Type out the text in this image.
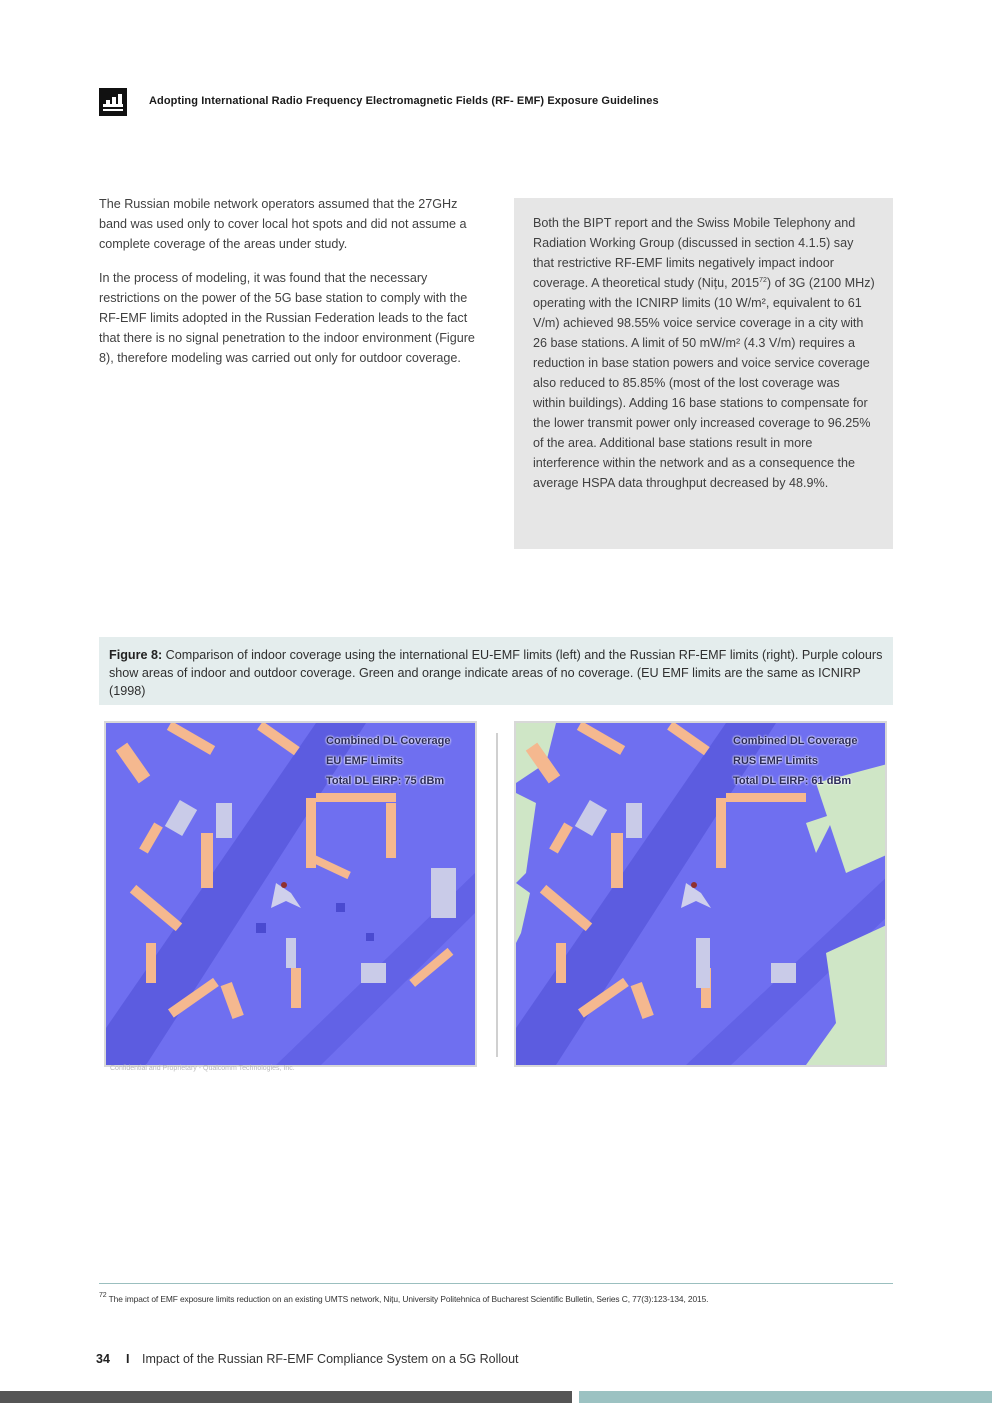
Adopting International Radio Frequency Electromagnetic Fields (RF- EMF) Exposure Guidelines

The Russian mobile network operators assumed that the 27GHz band was used only to cover local hot spots and did not assume a complete coverage of the areas under study.

In the process of modeling, it was found that the necessary restrictions on the power of the 5G base station to comply with the RF-EMF limits adopted in the Russian Federation leads to the fact that there is no signal penetration to the indoor environment (Figure 8), therefore modeling was carried out only for outdoor coverage.

Both the BIPT report and the Swiss Mobile Telephony and Radiation Working Group (discussed in section 4.1.5) say that restrictive RF-EMF limits negatively impact indoor coverage. A theoretical study (Nițu, 2015$^{72}$) of 3G (2100 MHz) operating with the ICNIRP limits (10 W/m², equivalent to 61 V/m) achieved 98.55% voice service coverage in a city with 26 base stations. A limit of 50 mW/m² (4.3 V/m) requires a reduction in base station powers and voice service coverage also reduced to 85.85% (most of the lost coverage was within buildings). Adding 16 base stations to compensate for the lower transmit power only increased coverage to 96.25% of the area. Additional base stations result in more interference within the network and as a consequence the average HSPA data throughput decreased by 48.9%.

Figure 8: Comparison of indoor coverage using the international EU-EMF limits (left) and the Russian RF-EMF limits (right). Purple colours show areas of indoor and outdoor coverage. Green and orange indicate areas of no coverage. (EU EMF limits are the same as ICNIRP (1998)
Combined DL Coverage
EU EMF Limits
Total DL EIRP: 75 dBm
Combined DL Coverage
RUS EMF Limits
Total DL EIRP: 61 dBm
Confidential and Proprietary - Qualcomm Technologies, Inc.
$^{72}$ The impact of EMF exposure limits reduction on an existing UMTS network, Nițu, University Politehnica of Bucharest Scientific Bulletin, Series C, 77(3):123-134, 2015.
34 I Impact of the Russian RF-EMF Compliance System on a 5G Rollout
